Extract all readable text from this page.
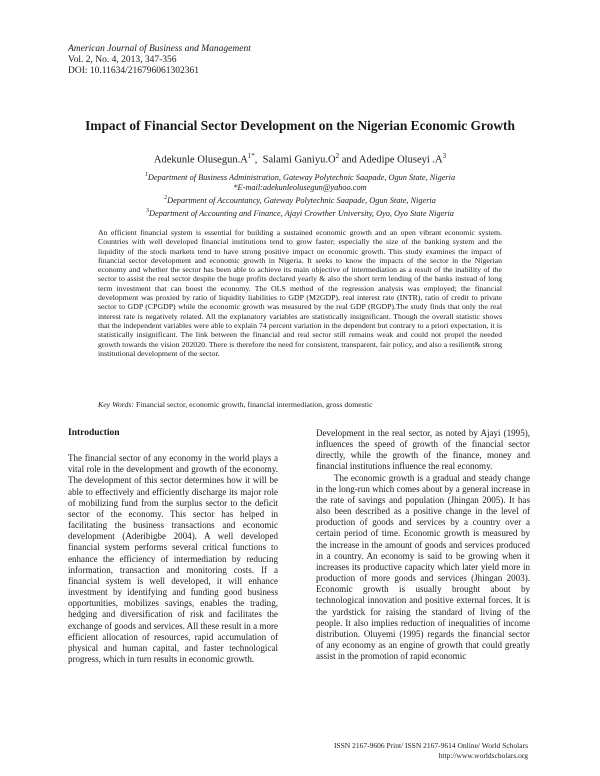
American Journal of Business and Management
Vol. 2, No. 4, 2013, 347-356
DOI: 10.11634/216796061302361
Impact of Financial Sector Development on the Nigerian Economic Growth
Adekunle $Olusegun.A^{1*}$,  Salami $Ganiyu.O^2$ and Adedipe Oluseyi $.A^3$
$^1$Department of Business Administration, Gateway Polytechnic Saapade, Ogun State, Nigeria
*E-mail:adekunleolusegun@yahoo.com
$^2$Department of Accountancy, Gateway Polytechnic Saapade, Ogun State, Nigeria
$^3$Department of Accounting and Finance, Ajayi Crowther University, Oyo, Oyo State Nigeria
An efficient financial system is essential for building a sustained economic growth and an open vibrant economic system. Countries with well developed financial institutions tend to grow faster; especially the size of the banking system and the liquidity of the stock markets tend to have strong positive impact on economic growth. This study examines the impact of financial sector development and economic growth in Nigeria. It seeks to know the impacts of the sector in the Nigerian economy and whether the sector has been able to achieve its main objective of intermediation as a result of the inability of the sector to assist the real sector despite the huge profits declared yearly & also the short term lending of the banks instead of long term investment that can boost the economy. The OLS method of the regression analysis was employed; the financial development was proxied by ratio of liquidity liabilities to GDP (M2GDP), real interest rate (INTR), ratio of credit to private sector to GDP (CPGDP) while the economic growth was measured by the real GDP (RGDP).The study finds that only the real interest rate is negatively related. All the explanatory variables are statistically insignificant. Though the overall statistic shows that the independent variables were able to explain 74 percent variation in the dependent but contrary to a priori expectation, it is statistically insignificant. The link between the financial and real sector still remains weak and could not propel the needed growth towards the vision 202020. There is therefore the need for consistent, transparent, fair policy, and also a resilient& strong institutional development of the sector.
Key Words: Financial sector, economic growth, financial intermediation, gross domestic
Introduction

The financial sector of any economy in the world plays a vital role in the development and growth of the economy. The development of this sector determines how it will be able to effectively and efficiently discharge its major role of mobilizing fund from the surplus sector to the deficit sector of the economy. This sector has helped in facilitating the business transactions and economic development (Aderibigbe 2004). A well developed financial system performs several critical functions to enhance the efficiency of intermediation by reducing information, transaction and monitoring costs. If a financial system is well developed, it will enhance investment by identifying and funding good business opportunities, mobilizes savings, enables the trading, hedging and diversification of risk and facilitates the exchange of goods and services. All these result in a more efficient allocation of resources, rapid accumulation of physical and human capital, and faster technological progress, which in turn results in economic growth.

Development in the real sector, as noted by Ajayi (1995), influences the speed of growth of the financial sector directly, while the growth of the finance, money and financial institutions influence the real economy.

The economic growth is a gradual and steady change in the long-run which comes about by a general increase in the rate of savings and population (Jhingan 2005). It has also been described as a positive change in the level of production of goods and services by a country over a certain period of time. Economic growth is measured by the increase in the amount of goods and services produced in a country. An economy is said to be growing when it increases its productive capacity which later yield more in production of more goods and services (Jhingan 2003). Economic growth is usually brought about by technological innovation and positive external forces. It is the yardstick for raising the standard of living of the people. It also implies reduction of inequalities of income distribution. Oluyemi (1995) regards the financial sector of any economy as an engine of growth that could greatly assist in the promotion of rapid economic

ISSN 2167-9606 Print/ ISSN 2167-9614 Online/ World Scholars
http://www.worldscholars.org
